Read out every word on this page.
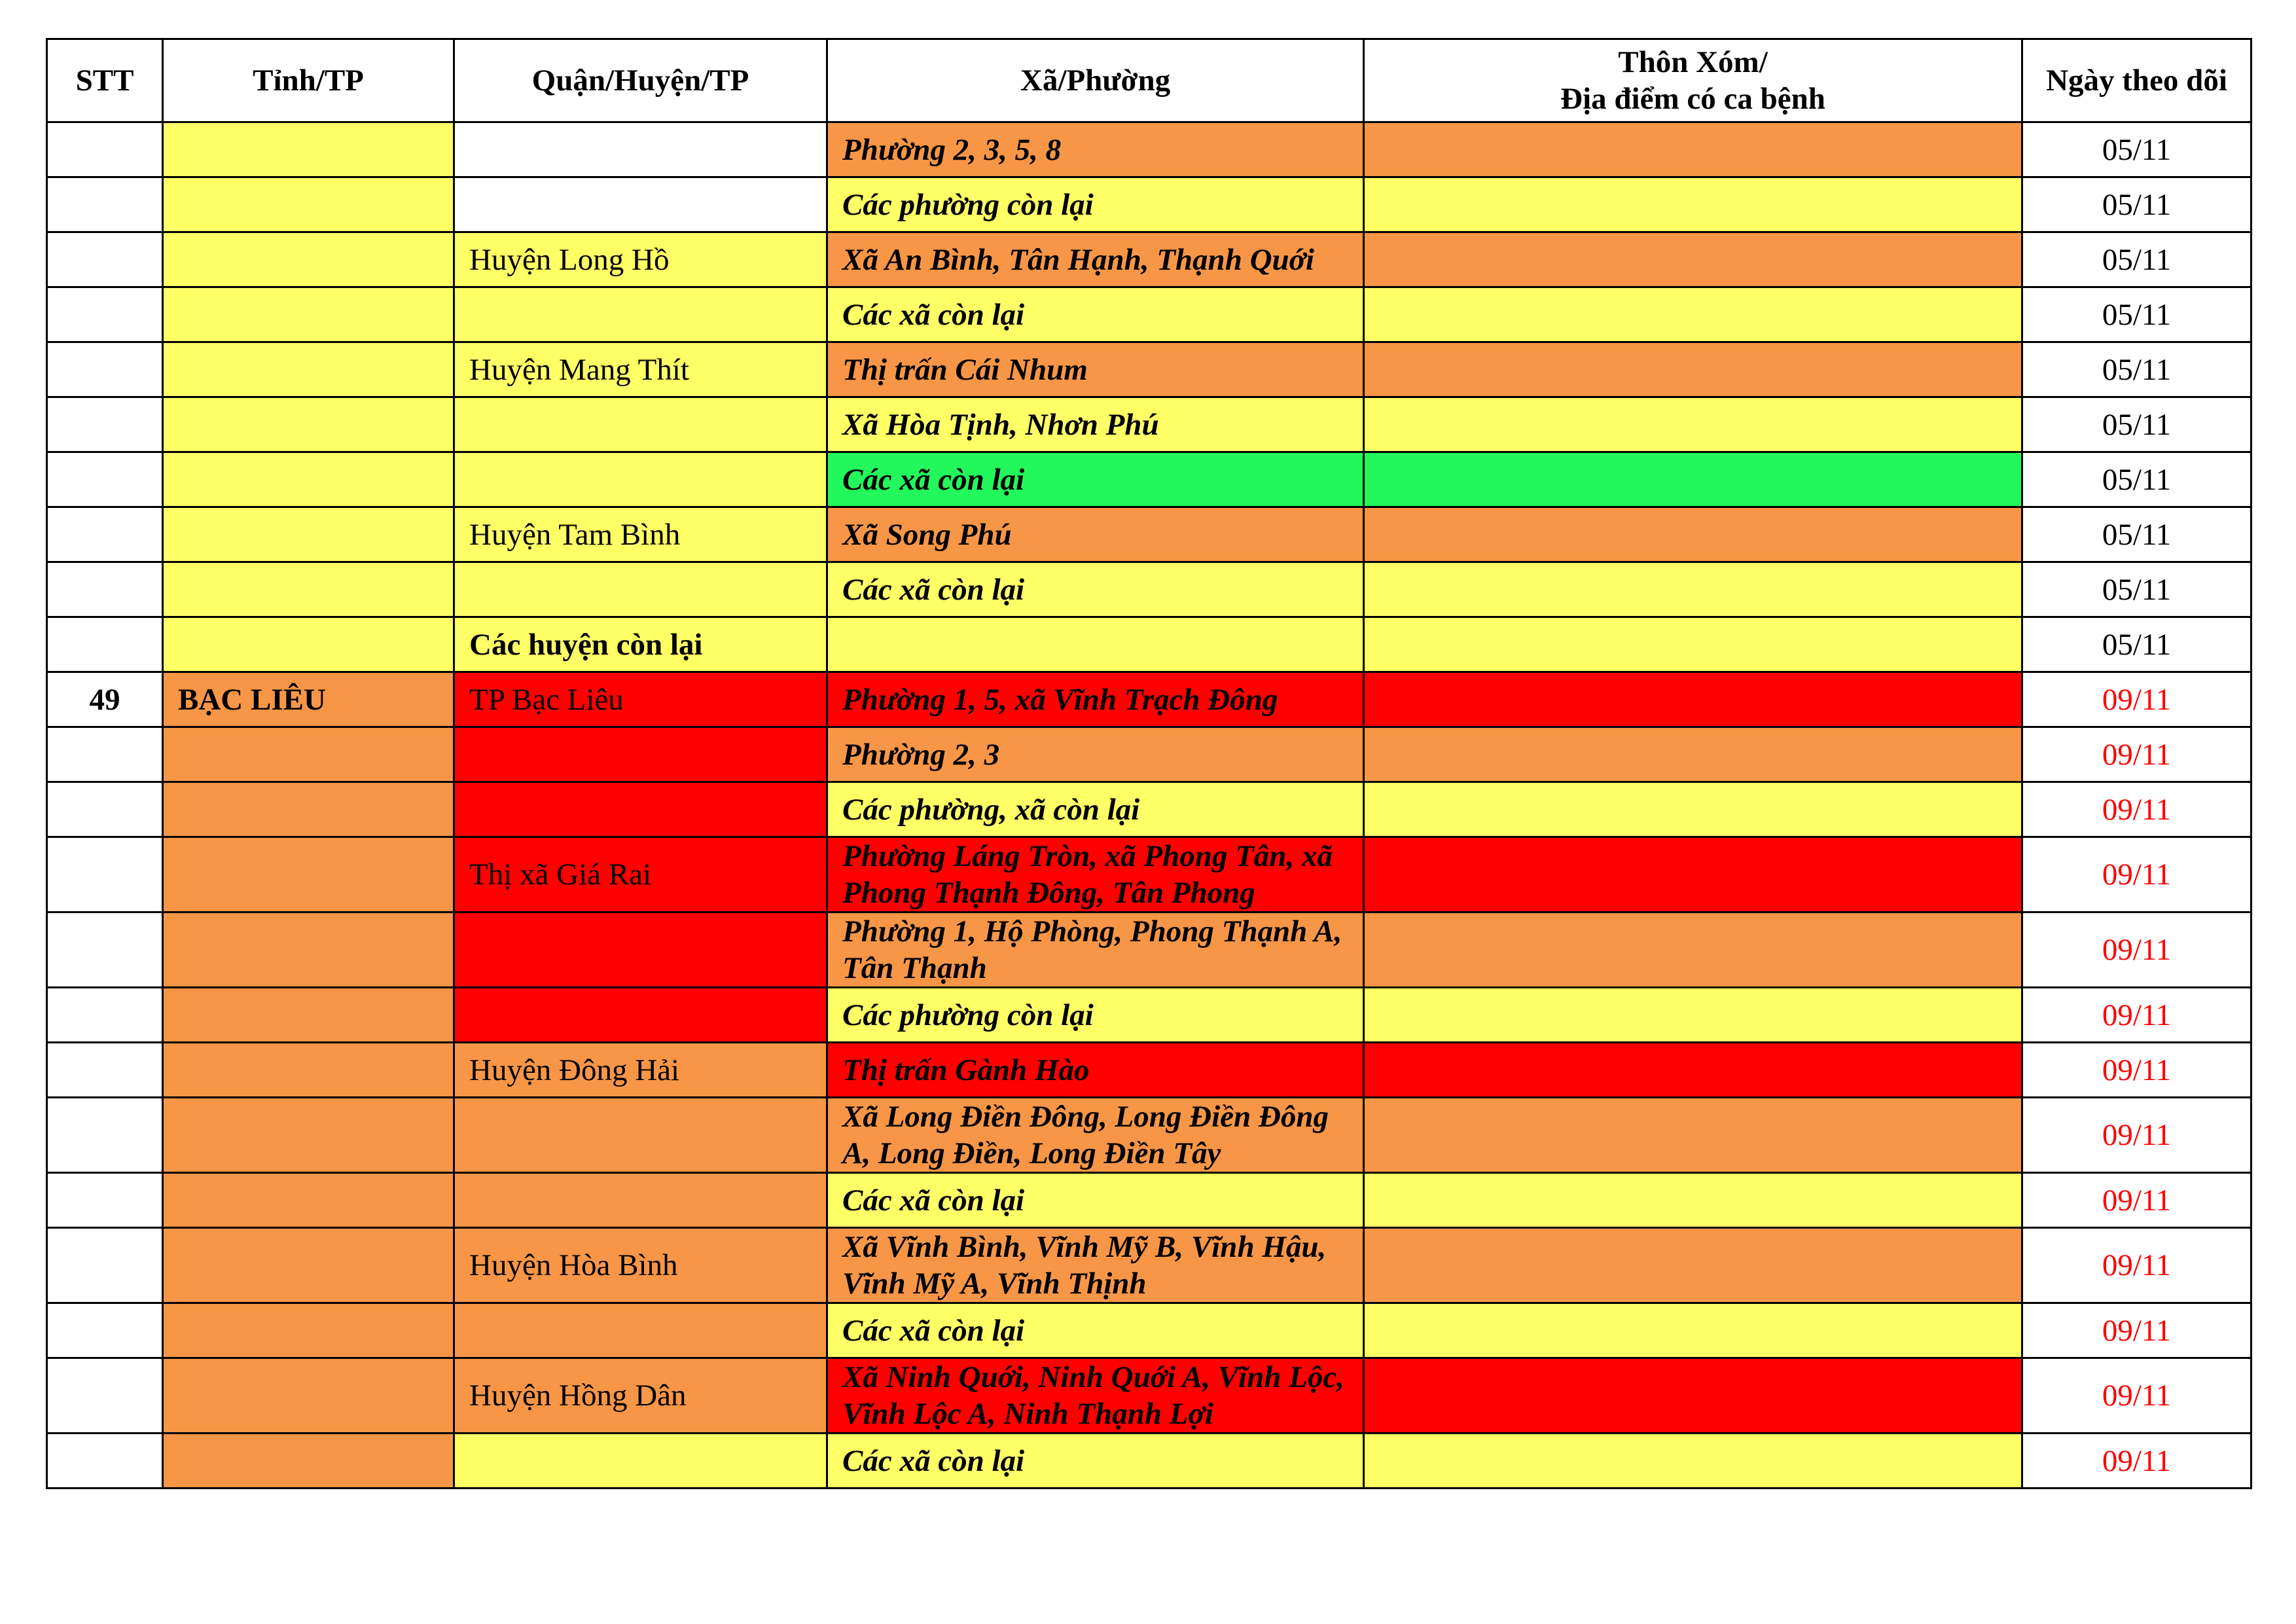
STT	Tỉnh/TP	Quận/Huyện/TP	Xã/Phường	Thôn Xóm/
Địa điểm có ca bệnh	Ngày theo dõi
			Phường 2, 3, 5, 8		05/11
			Các phường còn lại		05/11
		Huyện Long Hồ	Xã An Bình, Tân Hạnh, Thạnh Quới		05/11
			Các xã còn lại		05/11
		Huyện Mang Thít	Thị trấn Cái Nhum		05/11
			Xã Hòa Tịnh, Nhơn Phú		05/11
			Các xã còn lại		05/11
		Huyện Tam Bình	Xã Song Phú		05/11
			Các xã còn lại		05/11
		Các huyện còn lại			05/11
49	BẠC LIÊU	TP Bạc Liêu	Phường 1, 5, xã Vĩnh Trạch Đông		09/11
			Phường 2, 3		09/11
			Các phường, xã còn lại		09/11
		Thị xã Giá Rai	Phường Láng Tròn, xã Phong Tân, xã Phong Thạnh Đông, Tân Phong		09/11
			Phường 1, Hộ Phòng, Phong Thạnh A, Tân Thạnh		09/11
			Các phường còn lại		09/11
		Huyện Đông Hải	Thị trấn Gành Hào		09/11
			Xã Long Điền Đông, Long Điền Đông A, Long Điền, Long Điền Tây		09/11
			Các xã còn lại		09/11
		Huyện Hòa Bình	Xã Vĩnh Bình, Vĩnh Mỹ B, Vĩnh Hậu, Vĩnh Mỹ A, Vĩnh Thịnh		09/11
			Các xã còn lại		09/11
		Huyện Hồng Dân	Xã Ninh Quới, Ninh Quới A, Vĩnh Lộc, Vĩnh Lộc A, Ninh Thạnh Lợi		09/11
			Các xã còn lại		09/11
